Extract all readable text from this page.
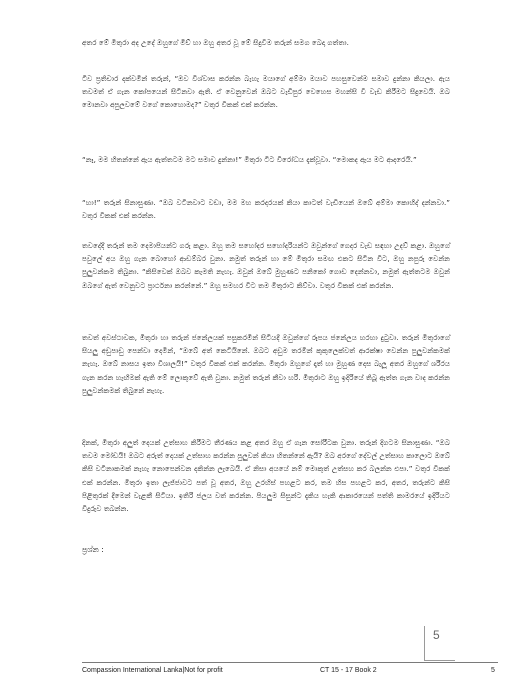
අතර මේ මිතුරා අද උදේ ඔහුගේ මිච් හා ඔහු අතර වූ මේ සිදුවීම තරුන් සමග බෙදා ගත්තා.

ටිව ප්‍රතිචාර දක්වමින් තරුන්, “ඔව විශ්වාස කරන්න බැහැ මයාගේ අම්මා මයාව පහසුවෙන්ම සමාව දුන්නා කියලා. ඇය තවමත් ඒ ගැන කෝපයෙන් සිටිනවා ඇති. ඒ වෙනුවෙන් ඔබට වැඩිපුර වෙහෙස මහන්සි වී වැඩ කිරීමට සිදුවෙයි. ඔබ මොනවා අපුලවමේ වගේ කොහොමද?” වතුර විකක් එක් කරන්න.

“නෑ, මම හිතන්නේ ඇය ඇත්තටම මට සමාව දුන්නා!” මිතුරා ටිට විරෝධය දැක්වූවා. “මොකද ඇය මට ආදරෙයි.”

“හා!” තරුන් සිනාසුණා. “ඔබ වටිනවාට වඩා, මම මහ කරදරයක් කියා කාටත් වැඩියෙන් ඔබේ අම්මා කොහිද් දන්නවා.” වතුර විකක් එක් කරන්න.

තවදේදී තරුන් තම දෙමාපියන්ට ගරු කළා. ඔහු තම සහෝදර සහෝදරියන්ට ඔවුන්ගේ ගෙදර වැඩ සඳහා උදව් කළා. ඔහුගේ පවුලේ අය ඔහු ගැන බොහෝ ආඩම්බර වුනා. නමුත් තරුන් හා මේ මිතුරා සමඟ එකට සිටින විට, ඔහු නපුරු වෙන්න පුලුවන්කම තිබුනා. “කිසිවෙක් ඔබව කැමති නැහැ. ඔවුන් ඔබේ මුහුණට පනිකෝ ගොඩ දෙන්නවා, නමුත් ඇත්තටම ඔවුන් ඔබගේ ඇත් වෙනුවට ප්‍රාර්ථනා කරන්නේ.” ඔහු සමහර විට තම මිතුරාට කිව්වා. වතුර විකක් එක් කරන්න.

තවත් අවස්ථාවක, මිතුරා හා තරුන් ජනේලයක් පසුකරමින් සිටියදී ඔවුන්ගේ රූපය ජනේලය හරහා දුටුවා. තරුන් මිතුරාගේ සියලු අඩුපාඩු පෙන්වා දෙමින්, “ඔබේ අත් කෙටියිනේ. ඔබට අඩුම තරමින් කුකුලෙක්වත් ආරක්ෂා වෙන්න පුලුවන්කමක් නැහැ. ඔබේ නාසය ඉතා විශාලයි!” වතුර විකක් එක් කරන්න. මිතුරා ඔහුගේ දෑත් හා මුහුණ දෙස බැලූ අතර ඔහුගේ ශරීරය ගැන කරන හැඟීමක් ඇති මේ ලොකුවේ ඇති වුනා. නමුත් තරුන් කීවා හරි. මිතුරාට ඔහු ඉදිරියේ තිබූ ඇත්ත ගැන වාද කරන්න පුලුවන්කමක් තිබුනේ නැහැ.

දිනක්, මිතුරා අලුත් දෙයක් උත්සාහ කිරීමට තීරණය කළ අතර ඔහු ඒ ගැන සෝරීටක වුනා. තරුන් දිගටම සිනාසුණා. “ඔබ තවම මෝඩයි! ඔබට අරුත් දෙයක් උත්සාහ කරන්න පුලුවන් කියා හිතන්නේ ඇයි? ඔබ අරගේ දේවල් උත්සාහ කාලොට ඔබේ කිසි වටිනාකමක් නැහැ නොපෙන්වන දකින්න ලැබෙයි. ඒ නිසා අයයේ නම් මොකුත් උත්සහ කර බලන්න එපා.” වතුර විකක් එක් කරන්න. මිතුරා ඉතා ලැජ්ජාවට පත් වූ අතර, ඔහු උරහිස් පහළට කර, තම හිස පහළට කර, අතර, තරුන්ට කිසි පිළිතුරක් දීමෙන් වැළකී සිටියා. ඉතිරි ජලය වත් කරන්න. පියලුම සිසුන්ට දැකිය හැකි ආකාරයෙන් පත්ති කාමරයේ ඉදිරියට විදුරුව තබන්න.

ප්‍රශ්න :

5
Compassion International Lanka|Not for profit	CT 15 - 17 Book 2	5
